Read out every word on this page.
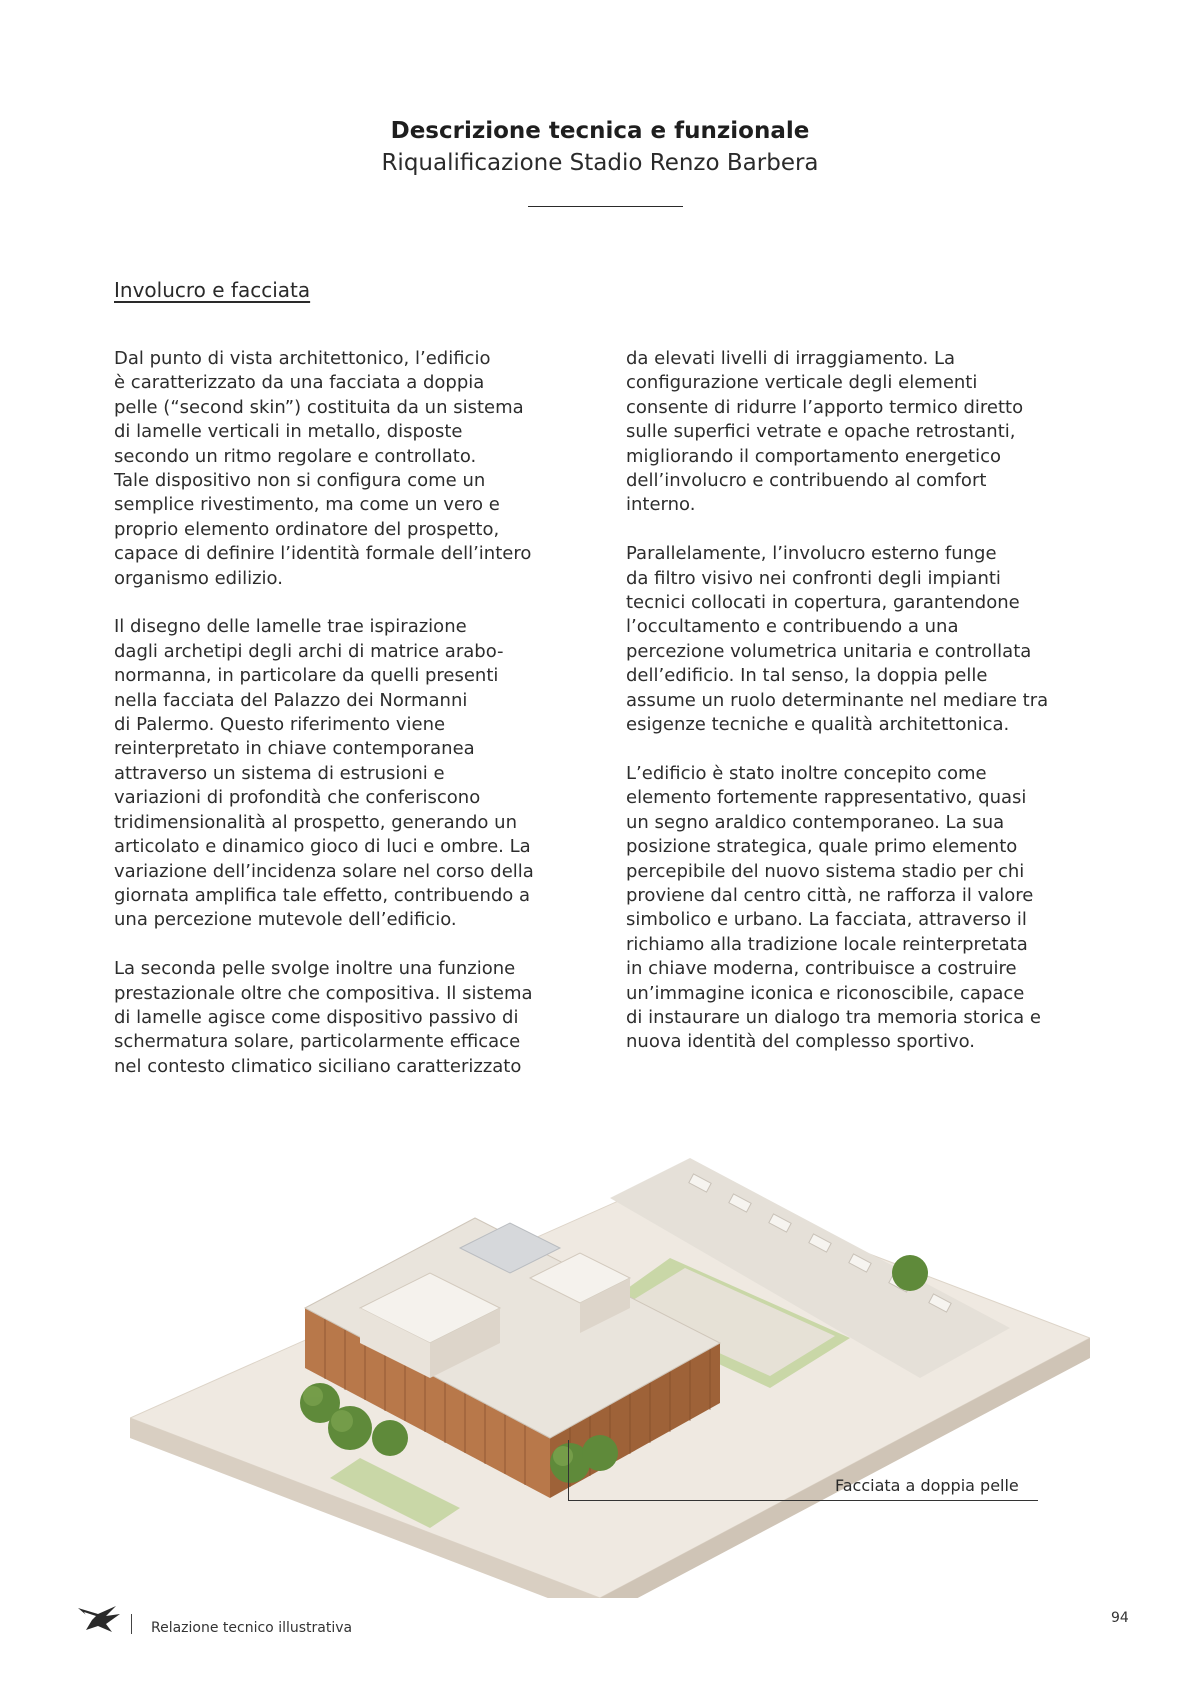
Descrizione tecnica e funzionale
Riqualificazione Stadio Renzo Barbera
Involucro e facciata

Dal punto di vista architettonico, l’edificio
è caratterizzato da una facciata a doppia
pelle (“second skin”) costituita da un sistema
di lamelle verticali in metallo, disposte
secondo un ritmo regolare e controllato.
Tale dispositivo non si configura come un
semplice rivestimento, ma come un vero e
proprio elemento ordinatore del prospetto,
capace di definire l’identità formale dell’intero
organismo edilizio.

Il disegno delle lamelle trae ispirazione
dagli archetipi degli archi di matrice arabo-
normanna, in particolare da quelli presenti
nella facciata del Palazzo dei Normanni
di Palermo. Questo riferimento viene
reinterpretato in chiave contemporanea
attraverso un sistema di estrusioni e
variazioni di profondità che conferiscono
tridimensionalità al prospetto, generando un
articolato e dinamico gioco di luci e ombre. La
variazione dell’incidenza solare nel corso della
giornata amplifica tale effetto, contribuendo a
una percezione mutevole dell’edificio.

La seconda pelle svolge inoltre una funzione
prestazionale oltre che compositiva. Il sistema
di lamelle agisce come dispositivo passivo di
schermatura solare, particolarmente efficace
nel contesto climatico siciliano caratterizzato

da elevati livelli di irraggiamento. La
configurazione verticale degli elementi
consente di ridurre l’apporto termico diretto
sulle superfici vetrate e opache retrostanti,
migliorando il comportamento energetico
dell’involucro e contribuendo al comfort
interno.

Parallelamente, l’involucro esterno funge
da filtro visivo nei confronti degli impianti
tecnici collocati in copertura, garantendone
l’occultamento e contribuendo a una
percezione volumetrica unitaria e controllata
dell’edificio. In tal senso, la doppia pelle
assume un ruolo determinante nel mediare tra
esigenze tecniche e qualità architettonica.

L’edificio è stato inoltre concepito come
elemento fortemente rappresentativo, quasi
un segno araldico contemporaneo. La sua
posizione strategica, quale primo elemento
percepibile del nuovo sistema stadio per chi
proviene dal centro città, ne rafforza il valore
simbolico e urbano. La facciata, attraverso il
richiamo alla tradizione locale reinterpretata
in chiave moderna, contribuisce a costruire
un’immagine iconica e riconoscibile, capace
di instaurare un dialogo tra memoria storica e
nuova identità del complesso sportivo.

Facciata a doppia pelle
Relazione tecnico illustrativa
94
